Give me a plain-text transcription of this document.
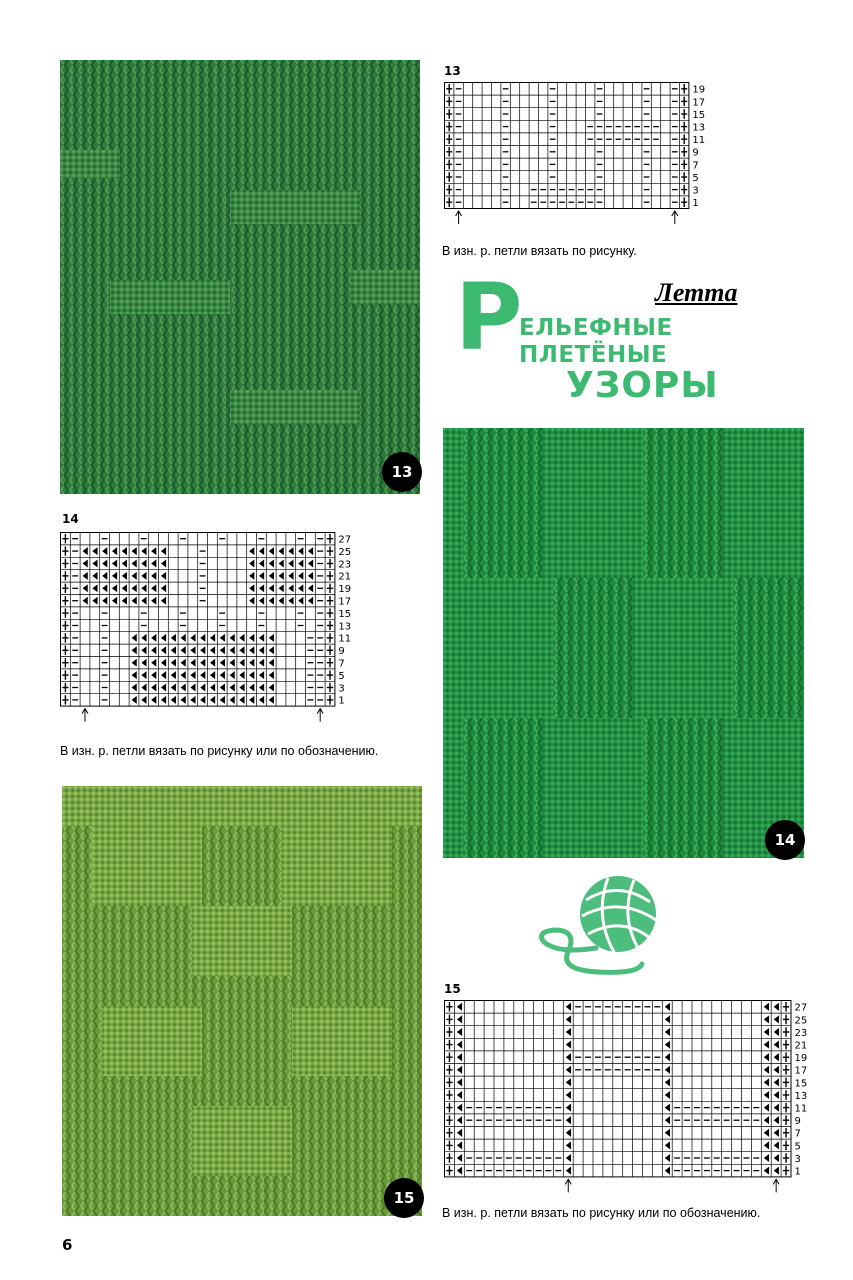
13
13
19
17
15
13
11
9
7
5
3
1
В изн. р. петли вязать по рисунку.
Летта
Р
ЕЛЬЕФНЫЕ
ПЛЕТЁНЫЕ
УЗОРЫ
14
14
27
25
23
21
19
17
15
13
11
9
7
5
3
1
В изн. р. петли вязать по рисунку или по обозначению.
15
15
27
25
23
21
19
17
15
13
11
9
7
5
3
1
В изн. р. петли вязать по рисунку или по обозначению.
6
